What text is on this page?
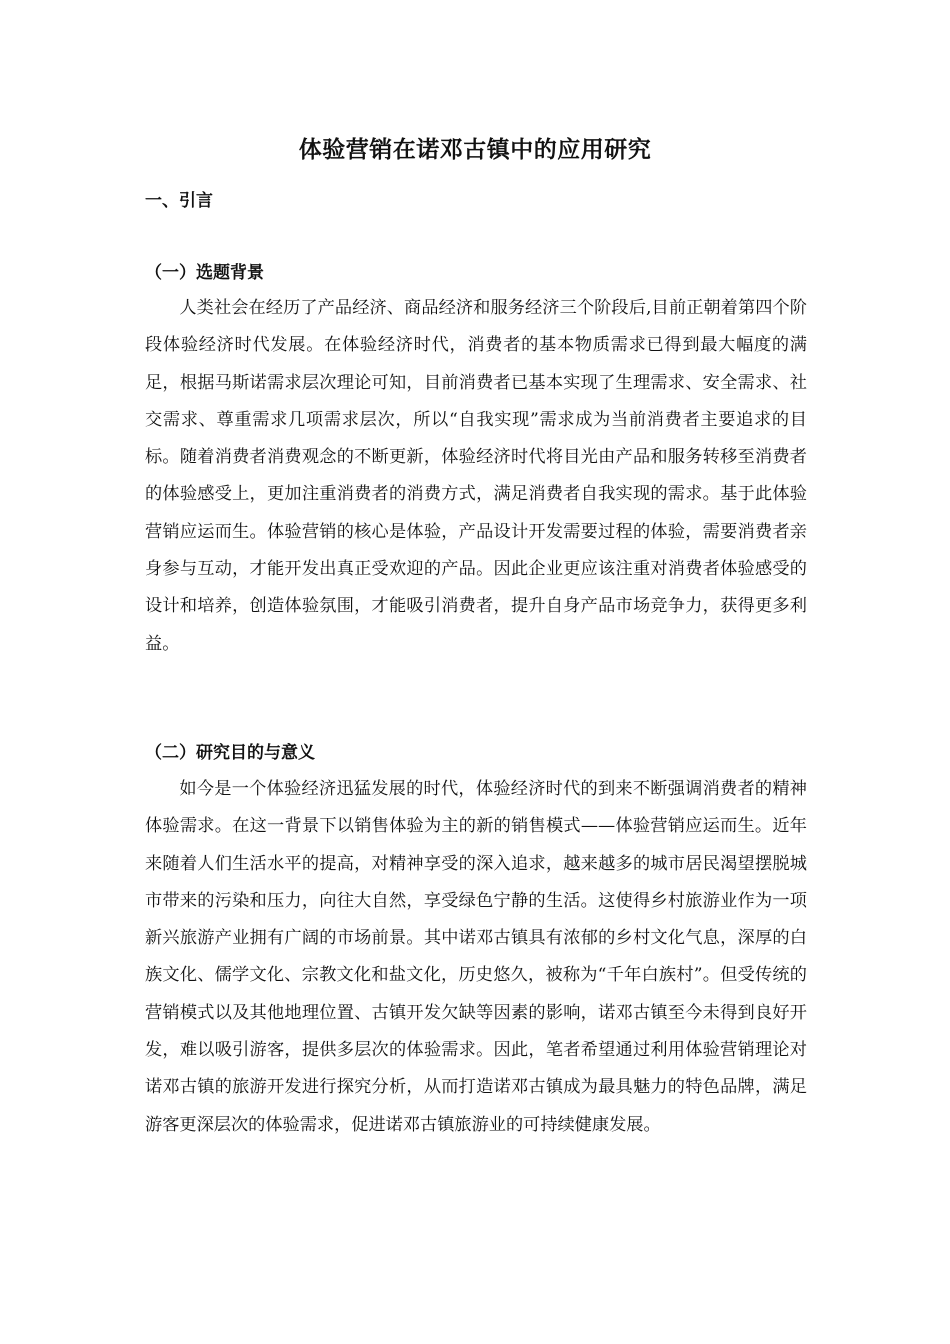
体验营销在诺邓古镇中的应用研究
一、引言
（一）选题背景

人类社会在经历了产品经济、商品经济和服务经济三个阶段后,目前正朝着第四个阶段体验经济时代发展。在体验经济时代，消费者的基本物质需求已得到最大幅度的满足，根据马斯诺需求层次理论可知，目前消费者已基本实现了生理需求、安全需求、社交需求、尊重需求几项需求层次，所以“自我实现”需求成为当前消费者主要追求的目标。随着消费者消费观念的不断更新，体验经济时代将目光由产品和服务转移至消费者的体验感受上，更加注重消费者的消费方式，满足消费者自我实现的需求。基于此体验营销应运而生。体验营销的核心是体验，产品设计开发需要过程的体验，需要消费者亲身参与互动，才能开发出真正受欢迎的产品。因此企业更应该注重对消费者体验感受的设计和培养，创造体验氛围，才能吸引消费者，提升自身产品市场竞争力，获得更多利益。

（二）研究目的与意义

如今是一个体验经济迅猛发展的时代，体验经济时代的到来不断强调消费者的精神体验需求。在这一背景下以销售体验为主的新的销售模式——体验营销应运而生。近年来随着人们生活水平的提高，对精神享受的深入追求，越来越多的城市居民渴望摆脱城市带来的污染和压力，向往大自然，享受绿色宁静的生活。这使得乡村旅游业作为一项新兴旅游产业拥有广阔的市场前景。其中诺邓古镇具有浓郁的乡村文化气息，深厚的白族文化、儒学文化、宗教文化和盐文化，历史悠久，被称为“千年白族村”。但受传统的营销模式以及其他地理位置、古镇开发欠缺等因素的影响，诺邓古镇至今未得到良好开发，难以吸引游客，提供多层次的体验需求。因此，笔者希望通过利用体验营销理论对诺邓古镇的旅游开发进行探究分析，从而打造诺邓古镇成为最具魅力的特色品牌，满足游客更深层次的体验需求，促进诺邓古镇旅游业的可持续健康发展。
